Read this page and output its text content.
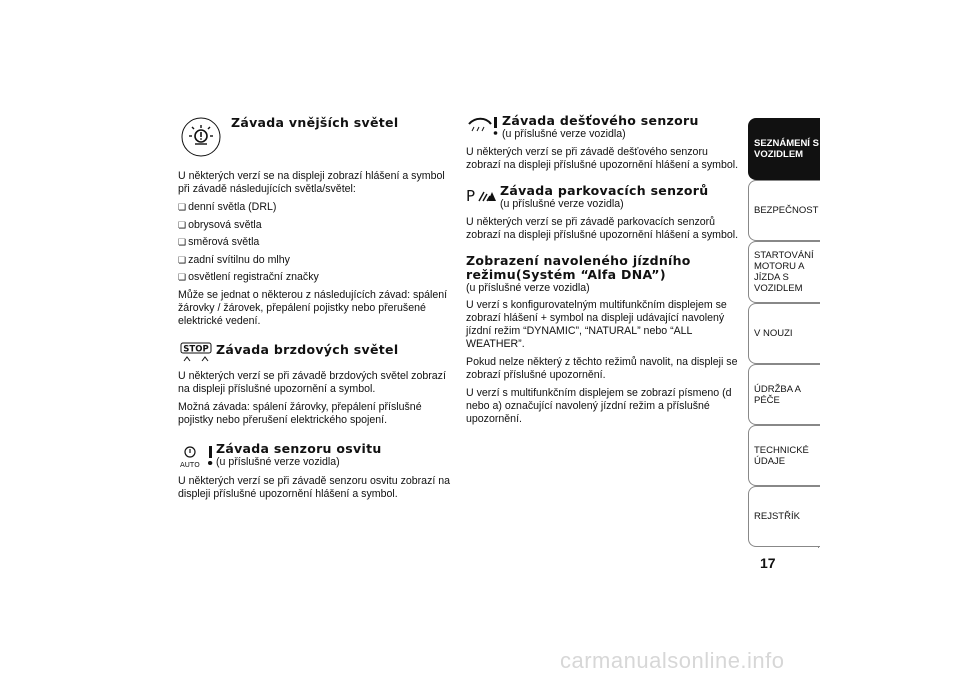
Závada vnějších světel

U některých verzí se na displeji zobrazí hlášení a symbol při závadě následujících světla/světel:

❏ denní světla (DRL)
❏ obrysová světla
❏ směrová světla
❏ zadní svítilnu do mlhy
❏ osvětlení registrační značky

Může se jednat o některou z následujících závad: spálení žárovky / žárovek, přepálení pojistky nebo přerušené elektrické vedení.

STOP Závada brzdových světel

U některých verzí se při závadě brzdových světel zobrazí na displeji příslušné upozornění a symbol.

Možná závada: spálení žárovky, přepálení příslušné pojistky nebo přerušení elektrického spojení.

AUTO
Závada senzoru osvitu
(u příslušné verze vozidla)

U některých verzí se při závadě senzoru osvitu zobrazí na displeji příslušné upozornění hlášení a symbol.

Závada dešťového senzoru
(u příslušné verze vozidla)

U některých verzí se při závadě dešťového senzoru zobrazí na displeji příslušné upozornění hlášení a symbol.

P Závada parkovacích senzorů
(u příslušné verze vozidla)

U některých verzí se při závadě parkovacích senzorů zobrazí na displeji příslušné upozornění hlášení a symbol.

Zobrazení navoleného jízdního režimu(Systém “Alfa DNA”)
(u příslušné verze vozidla)

U verzí s konfigurovatelným multifunkčním displejem se zobrazí hlášení + symbol na displeji udávající navolený jízdní režim “DYNAMIC”, “NATURAL” nebo “ALL WEATHER”.

Pokud nelze některý z těchto režimů navolit, na displeji se zobrazí příslušné upozornění.

U verzí s multifunkčním displejem se zobrazí písmeno (d nebo a) označující navolený jízdní režim a příslušné upozornění.

SEZNÁMENÍ S VOZIDLEM
BEZPEČNOST
STARTOVÁNÍ MOTORU A JÍZDA S VOZIDLEM
V NOUZI
ÚDRŽBA A PÉČE
TECHNICKÉ ÚDAJE
REJSTŘÍK
17
carmanualsonline.info
